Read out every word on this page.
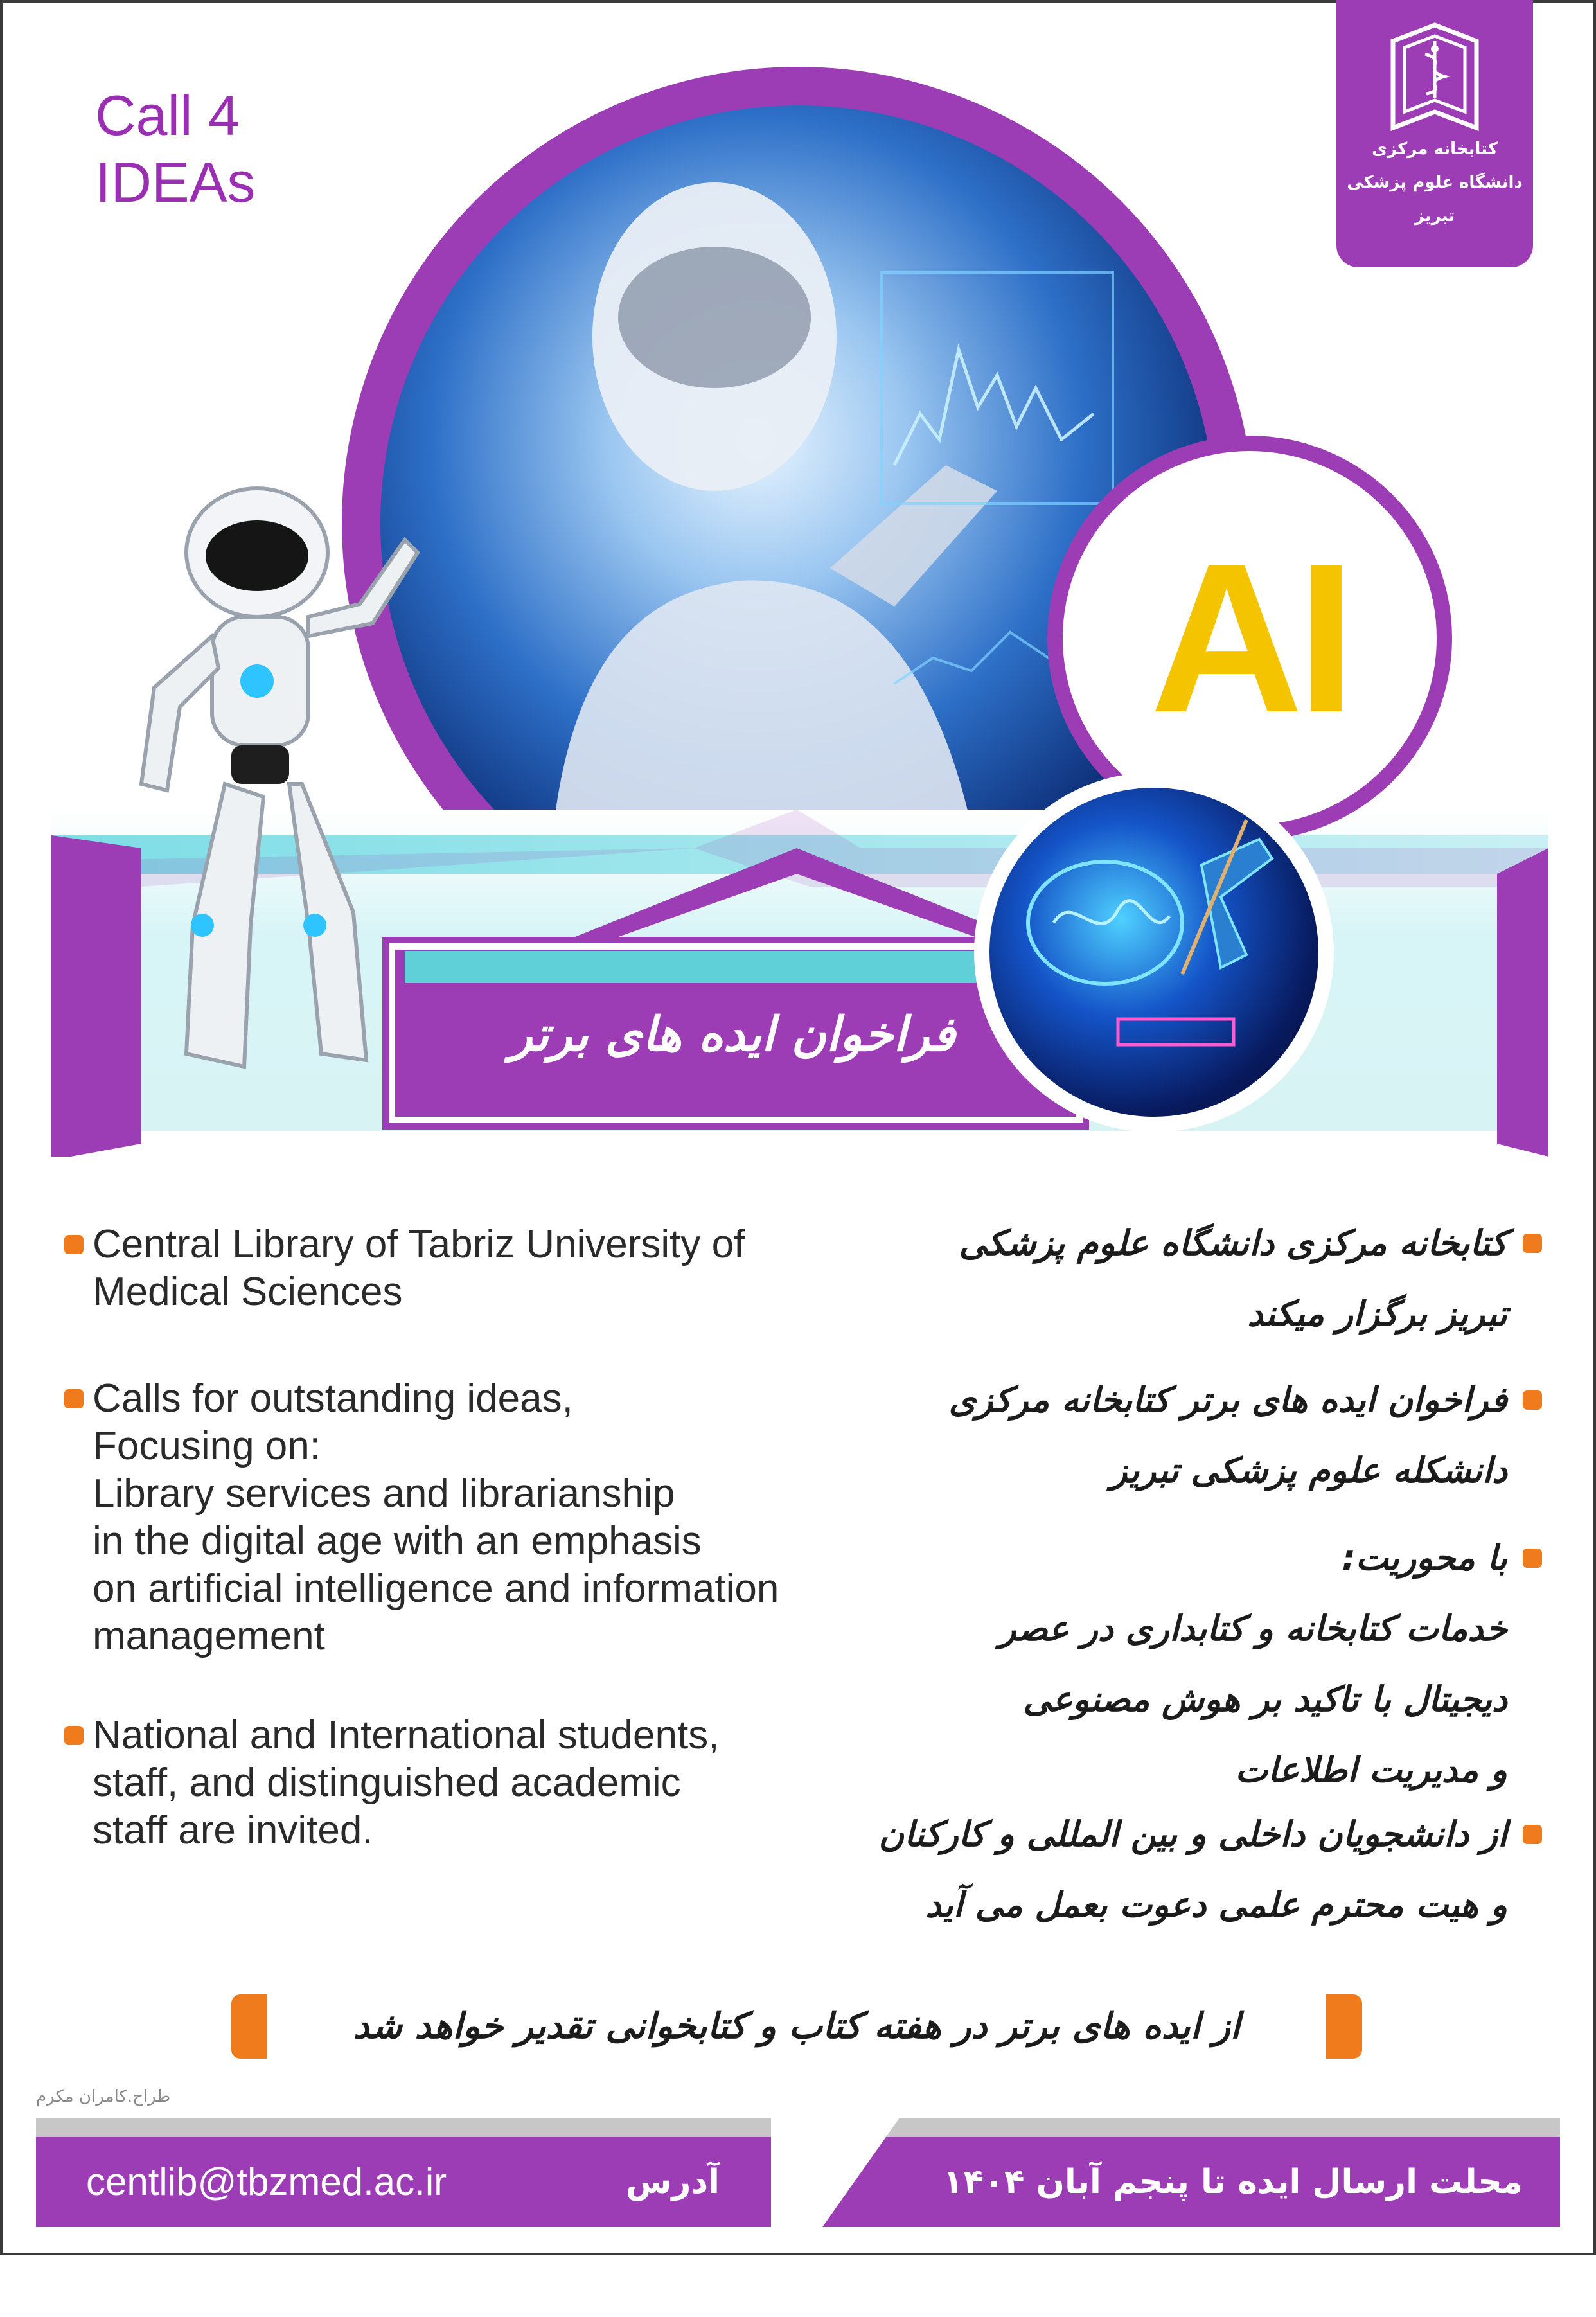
Call 4
IDEAs
کتابخانه مرکزی
دانشگاه علوم پزشکی
تبریز
فراخوان ایده های برتر
AI
Central Library of Tabriz University of
Medical Sciences
Calls for outstanding ideas,
Focusing on:
Library services and librarianship
in the digital age with an emphasis
on artificial intelligence and information
management
National and International students,
staff, and distinguished academic
staff are invited.
کتابخانه مرکزی دانشگاه علوم پزشکی
تبریز برگزار میکند
فراخوان ایده های برتر کتابخانه مرکزی
دانشکله علوم پزشکی تبریز
با محوریت:
خدمات کتابخانه و کتابداری در عصر
دیجیتال با تاکید بر هوش مصنوعی
و مدیریت اطلاعات
از دانشجویان داخلی و بین المللی و کارکنان
و هیت محترم علمی دعوت بعمل می آید
از ایده های برتر در هفته کتاب و کتابخوانی تقدیر خواهد شد
طراح.کامران مکرم
centlib@tbzmed.ac.ir	آدرس ارسال:
محلت ارسال ایده تا پنجم آبان ۱۴۰۴
